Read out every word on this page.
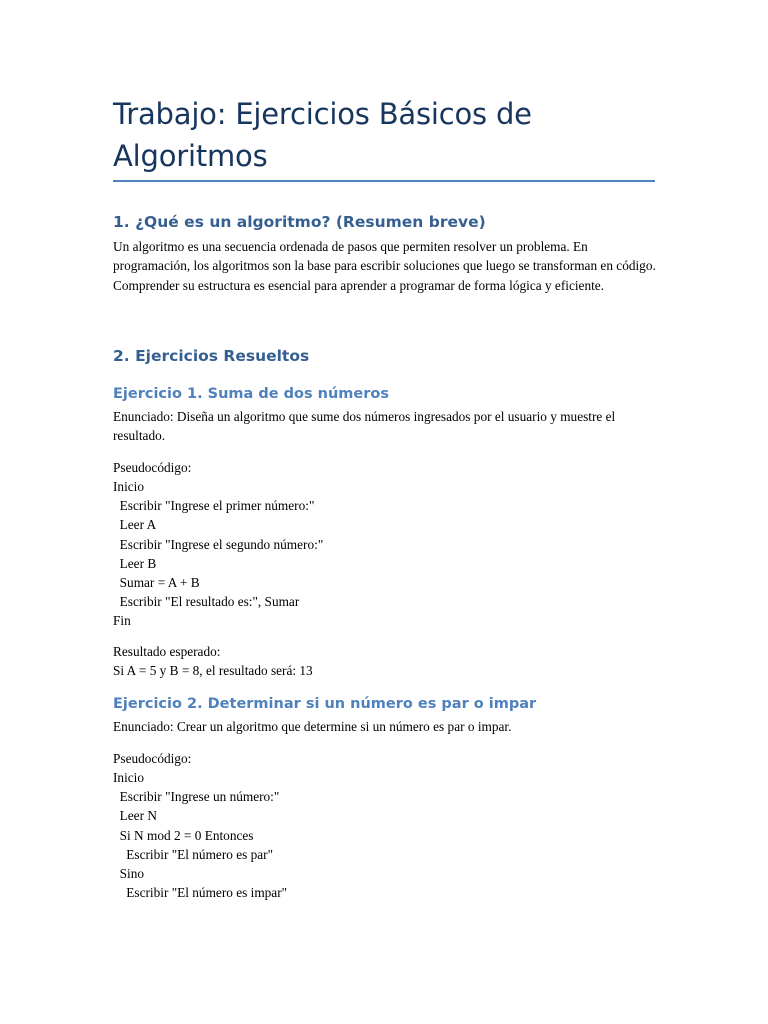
Trabajo: Ejercicios Básicos de Algoritmos
1. ¿Qué es un algoritmo? (Resumen breve)

Un algoritmo es una secuencia ordenada de pasos que permiten resolver un problema. En programación, los algoritmos son la base para escribir soluciones que luego se transforman en código. Comprender su estructura es esencial para aprender a programar de forma lógica y eficiente.

2. Ejercicios Resueltos
Ejercicio 1. Suma de dos números

Enunciado: Diseña un algoritmo que sume dos números ingresados por el usuario y muestre el resultado.

Pseudocódigo:

Inicio
Escribir "Ingrese el primer número:"
Leer A
Escribir "Ingrese el segundo número:"
Leer B
Sumar = A + B
Escribir "El resultado es:", Sumar
Fin

Resultado esperado:

Si A = 5 y B = 8, el resultado será: 13

Ejercicio 2. Determinar si un número es par o impar

Enunciado: Crear un algoritmo que determine si un número es par o impar.

Pseudocódigo:

Inicio
Escribir "Ingrese un número:"
Leer N
Si N mod 2 = 0 Entonces
Escribir "El número es par"
Sino
Escribir "El número es impar"
